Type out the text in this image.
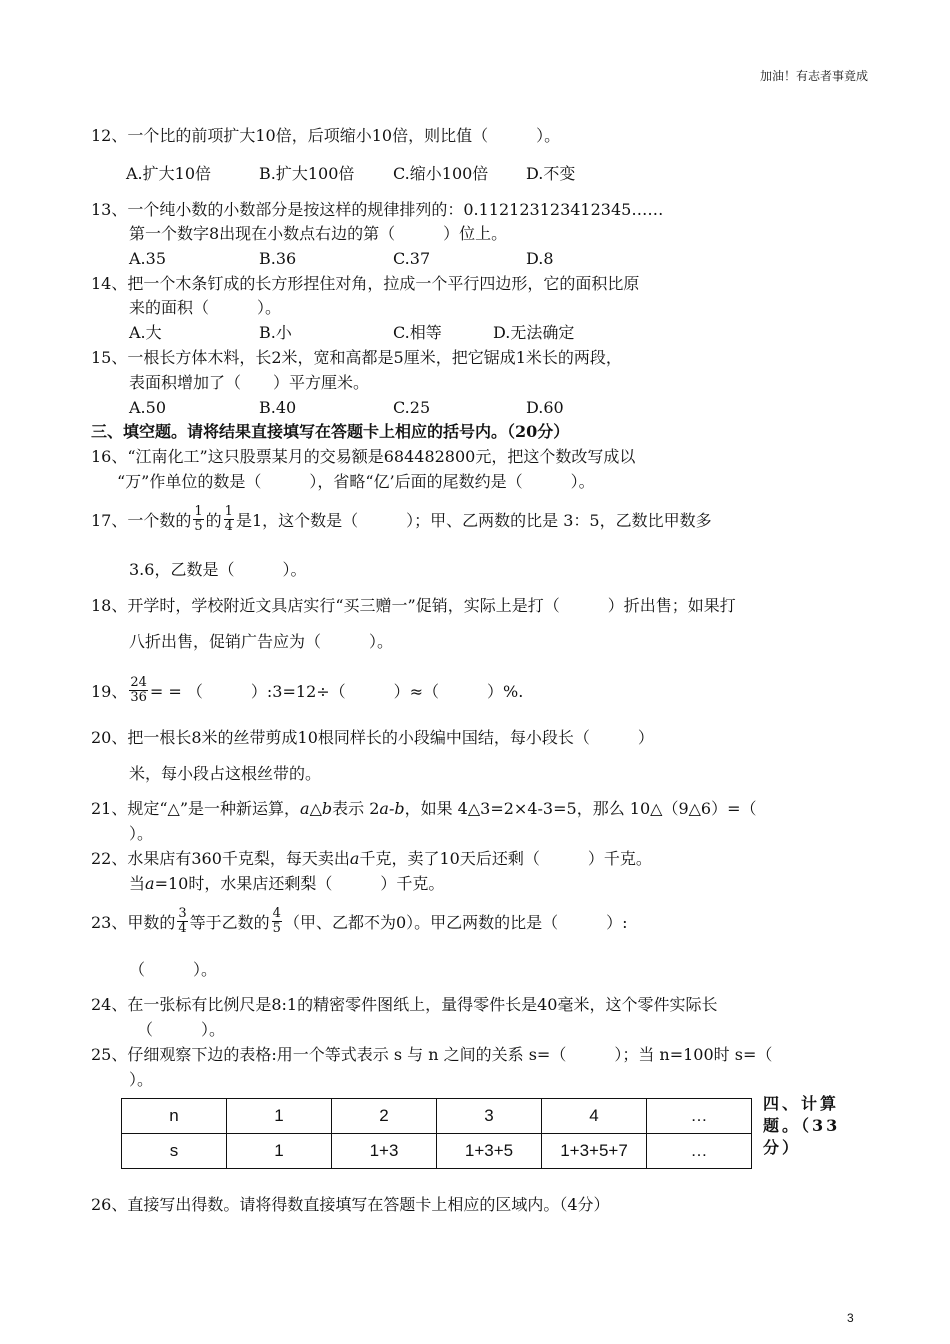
加油！有志者事竟成
12、一个比的前项扩大10倍，后项缩小10倍，则比值（　　　）。
A.扩大10倍	B.扩大100倍 C.缩小100倍 D.不变
13、一个纯小数的小数部分是按这样的规律排列的：0.112123123412345……
第一个数字8出现在小数点右边的第（　　　）位上。
A.35	B.36	C.37	D.8
14、把一个木条钉成的长方形捏住对角，拉成一个平行四边形，它的面积比原
来的面积（　　　）。
A.大	B.小	C.相等	D.无法确定
15、一根长方体木料，长2米，宽和高都是5厘米，把它锯成1米长的两段，
表面积增加了（　　）平方厘米。
A.50	B.40	C.25	D.60
三、填空题。请将结果直接填写在答题卡上相应的括号内。（20分）
16、“江南化工”这只股票某月的交易额是684482800元，把这个数改写成以
“万”作单位的数是（　　　），省略“亿’后面的尾数约是（　　　）。
17、一个数的 $\frac{1}{5}$ 的 $\frac{1}{4}$ 是1，这个数是（　　　）；甲、乙两数的比是 3：5，乙数比甲数多
3.6，乙数是（　　　）。
18、开学时，学校附近文具店实行“买三赠一”促销，实际上是打（　　　）折出售；如果打
八折出售，促销广告应为（　　　）。
19、 $\frac{24}{36}$ = = （　　　）:3=12÷（　　　）≈（　　　）%.
20、把一根长8米的丝带剪成10根同样长的小段编中国结，每小段长（　　　）
米，每小段占这根丝带的。
21、规定“△”是一种新运算，a△b表示 2a-b，如果 4△3=2×4-3=5，那么 10△（9△6）=（
）。
22、水果店有360千克梨，每天卖出a千克，卖了10天后还剩（　　　）千克。
当a=10时，水果店还剩梨（　　　）千克。
23、甲数的 $\frac{3}{4}$ 等于乙数的 $\frac{4}{5}$ （甲、乙都不为0）。甲乙两数的比是（　　　）:
（　　　）。
24、在一张标有比例尺是8:1的精密零件图纸上，量得零件长是40毫米，这个零件实际长
（　　　）。
25、仔细观察下边的表格:用一个等式表示 s 与 n 之间的关系 s=（　　　）；当 n=100时 s=（
）。
n	1	2	3	4	…
s	1	1+3	1+3+5	1+3+5+7	…
四、计算题。（33分）
26、直接写出得数。请将得数直接填写在答题卡上相应的区域内。（4分）
3
